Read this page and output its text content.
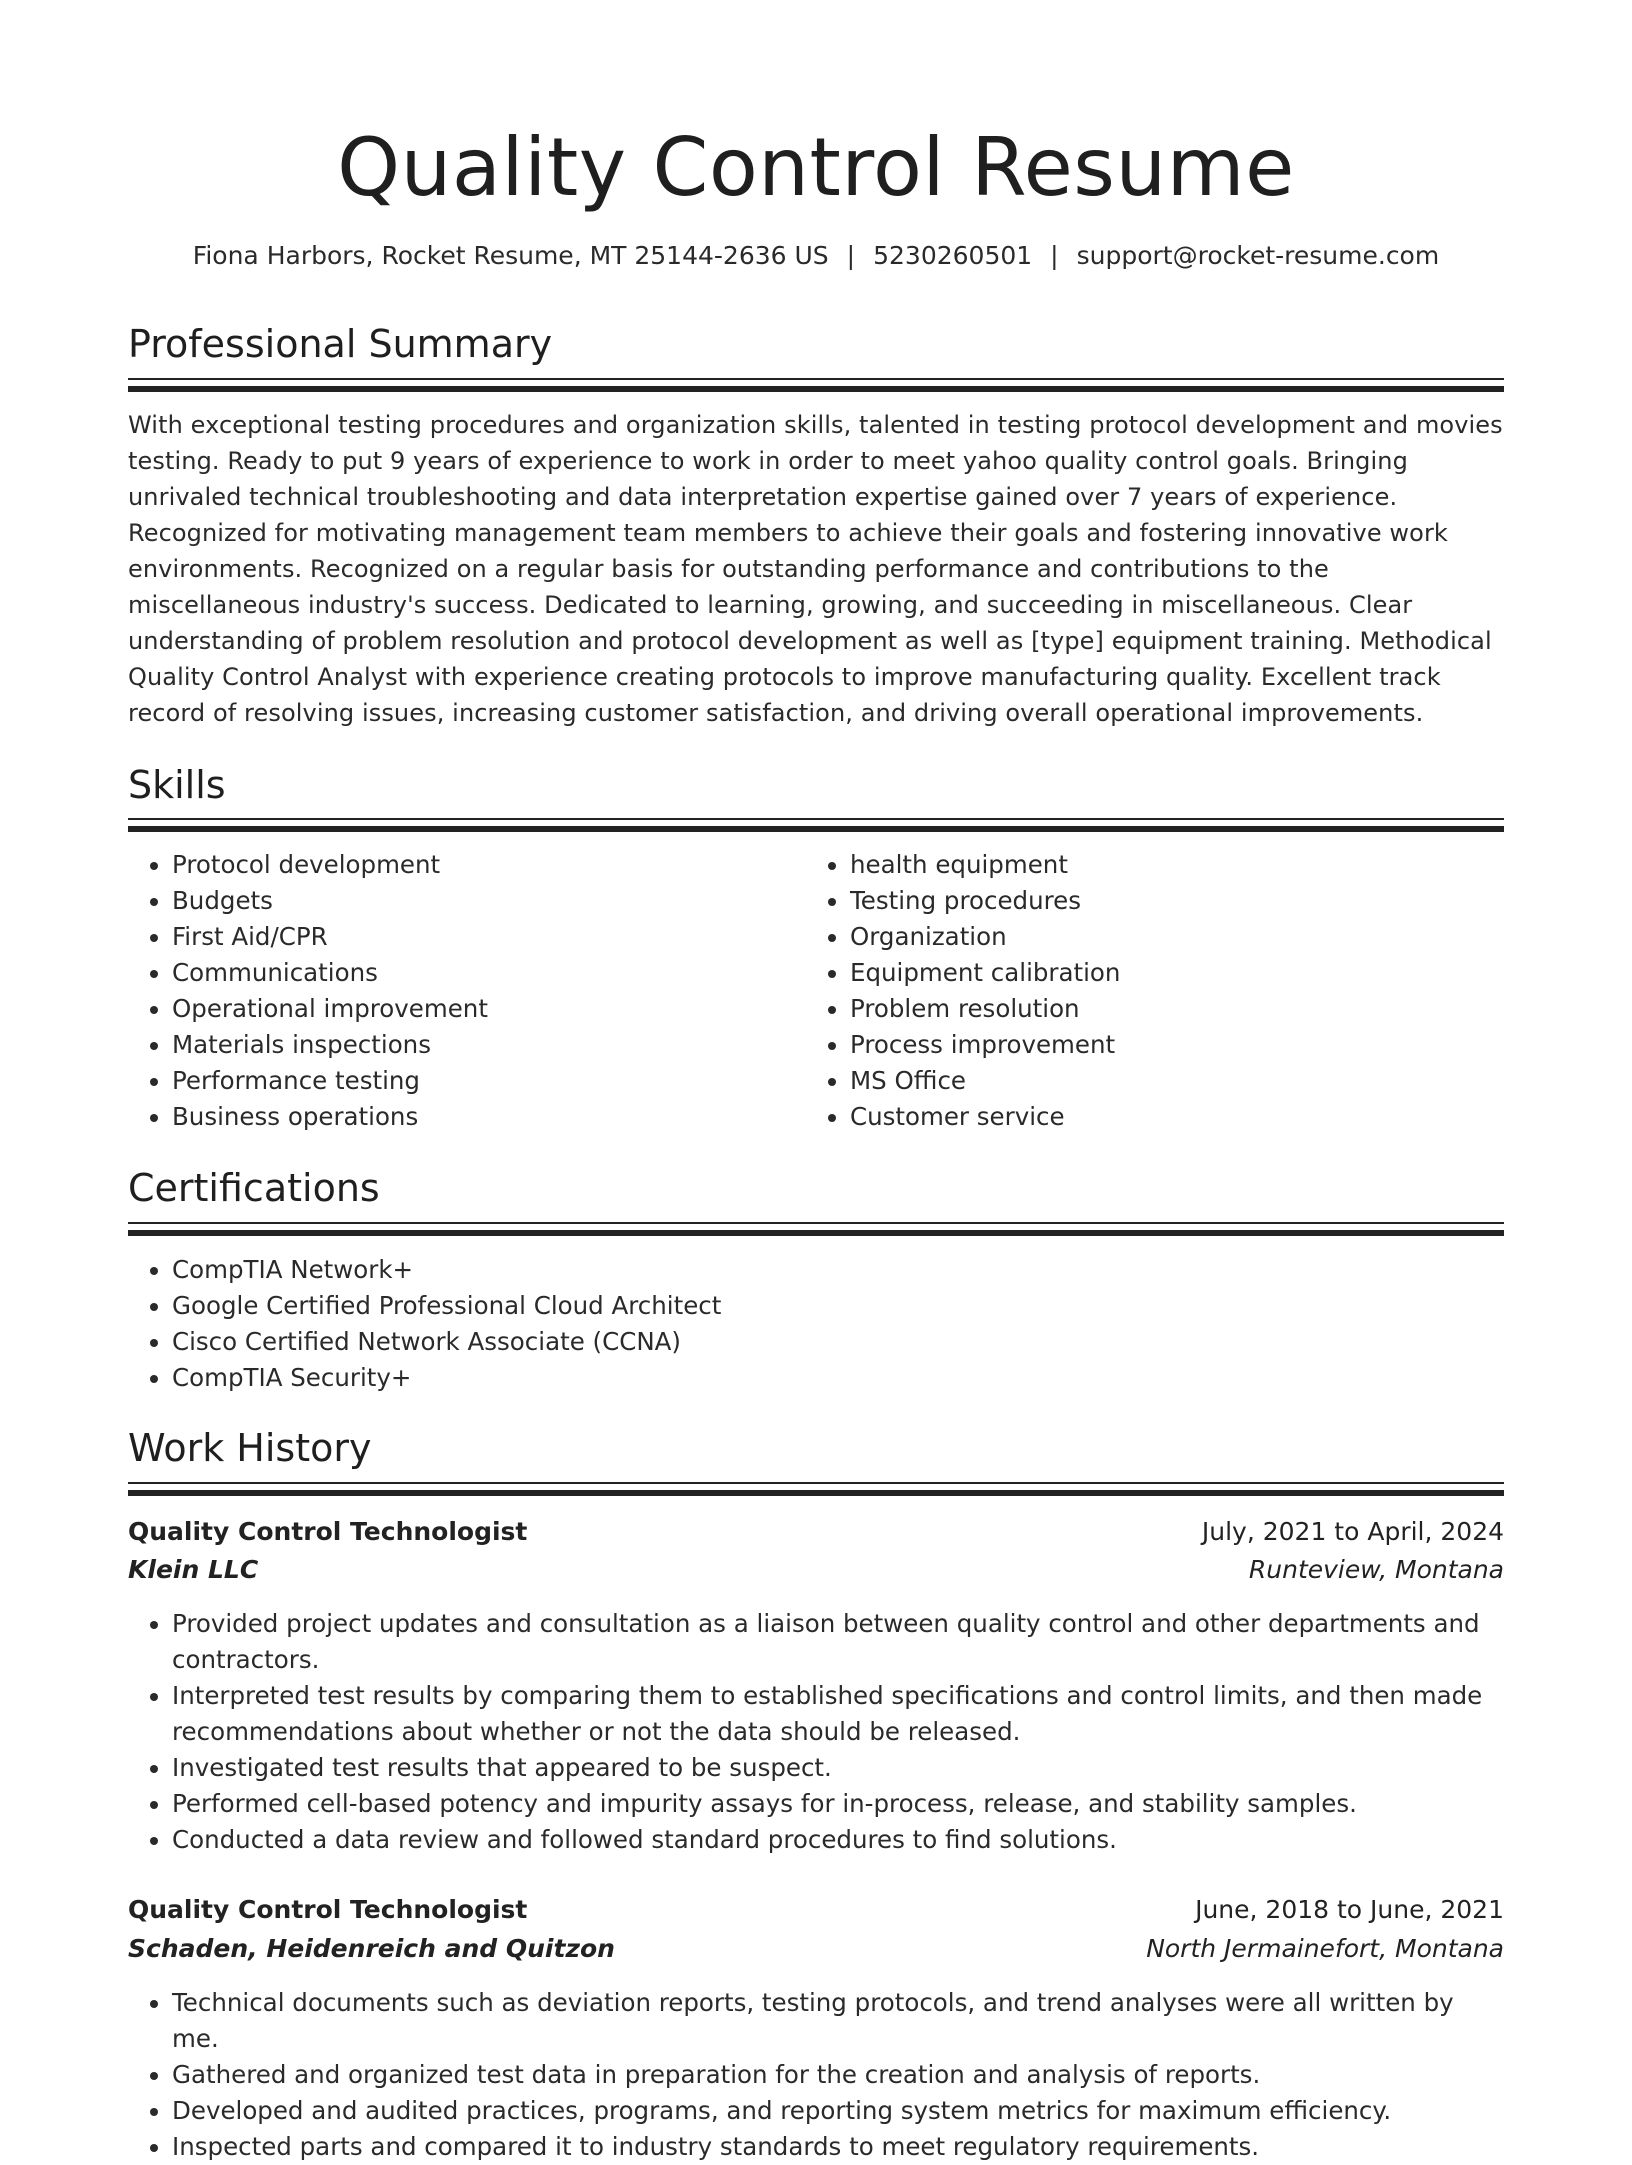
Quality Control Resume
Fiona Harbors, Rocket Resume, MT 25144-2636 US | 5230260501 | support@rocket-resume.com
Professional Summary

With exceptional testing procedures and organization skills, talented in testing protocol development and movies testing. Ready to put 9 years of experience to work in order to meet yahoo quality control goals. Bringing unrivaled technical troubleshooting and data interpretation expertise gained over 7 years of experience. Recognized for motivating management team members to achieve their goals and fostering innovative work environments. Recognized on a regular basis for outstanding performance and contributions to the miscellaneous industry's success. Dedicated to learning, growing, and succeeding in miscellaneous. Clear understanding of problem resolution and protocol development as well as [type] equipment training. Methodical Quality Control Analyst with experience creating protocols to improve manufacturing quality. Excellent track record of resolving issues, increasing customer satisfaction, and driving overall operational improvements.

Skills
• Protocol development
• Budgets
• First Aid/CPR
• Communications
• Operational improvement
• Materials inspections
• Performance testing
• Business operations
• health equipment
• Testing procedures
• Organization
• Equipment calibration
• Problem resolution
• Process improvement
• MS Office
• Customer service
Certifications
• CompTIA Network+
• Google Certified Professional Cloud Architect
• Cisco Certified Network Associate (CCNA)
• CompTIA Security+
Work History
Quality Control Technologist	July, 2021 to April, 2024
Klein LLC	Runteview, Montana
• Provided project updates and consultation as a liaison between quality control and other departments and contractors.
• Interpreted test results by comparing them to established specifications and control limits, and then made recommendations about whether or not the data should be released.
• Investigated test results that appeared to be suspect.
• Performed cell-based potency and impurity assays for in-process, release, and stability samples.
• Conducted a data review and followed standard procedures to find solutions.
Quality Control Technologist	June, 2018 to June, 2021
Schaden, Heidenreich and Quitzon	North Jermainefort, Montana
• Technical documents such as deviation reports, testing protocols, and trend analyses were all written by me.
• Gathered and organized test data in preparation for the creation and analysis of reports.
• Developed and audited practices, programs, and reporting system metrics for maximum efficiency.
• Inspected parts and compared it to industry standards to meet regulatory requirements.
